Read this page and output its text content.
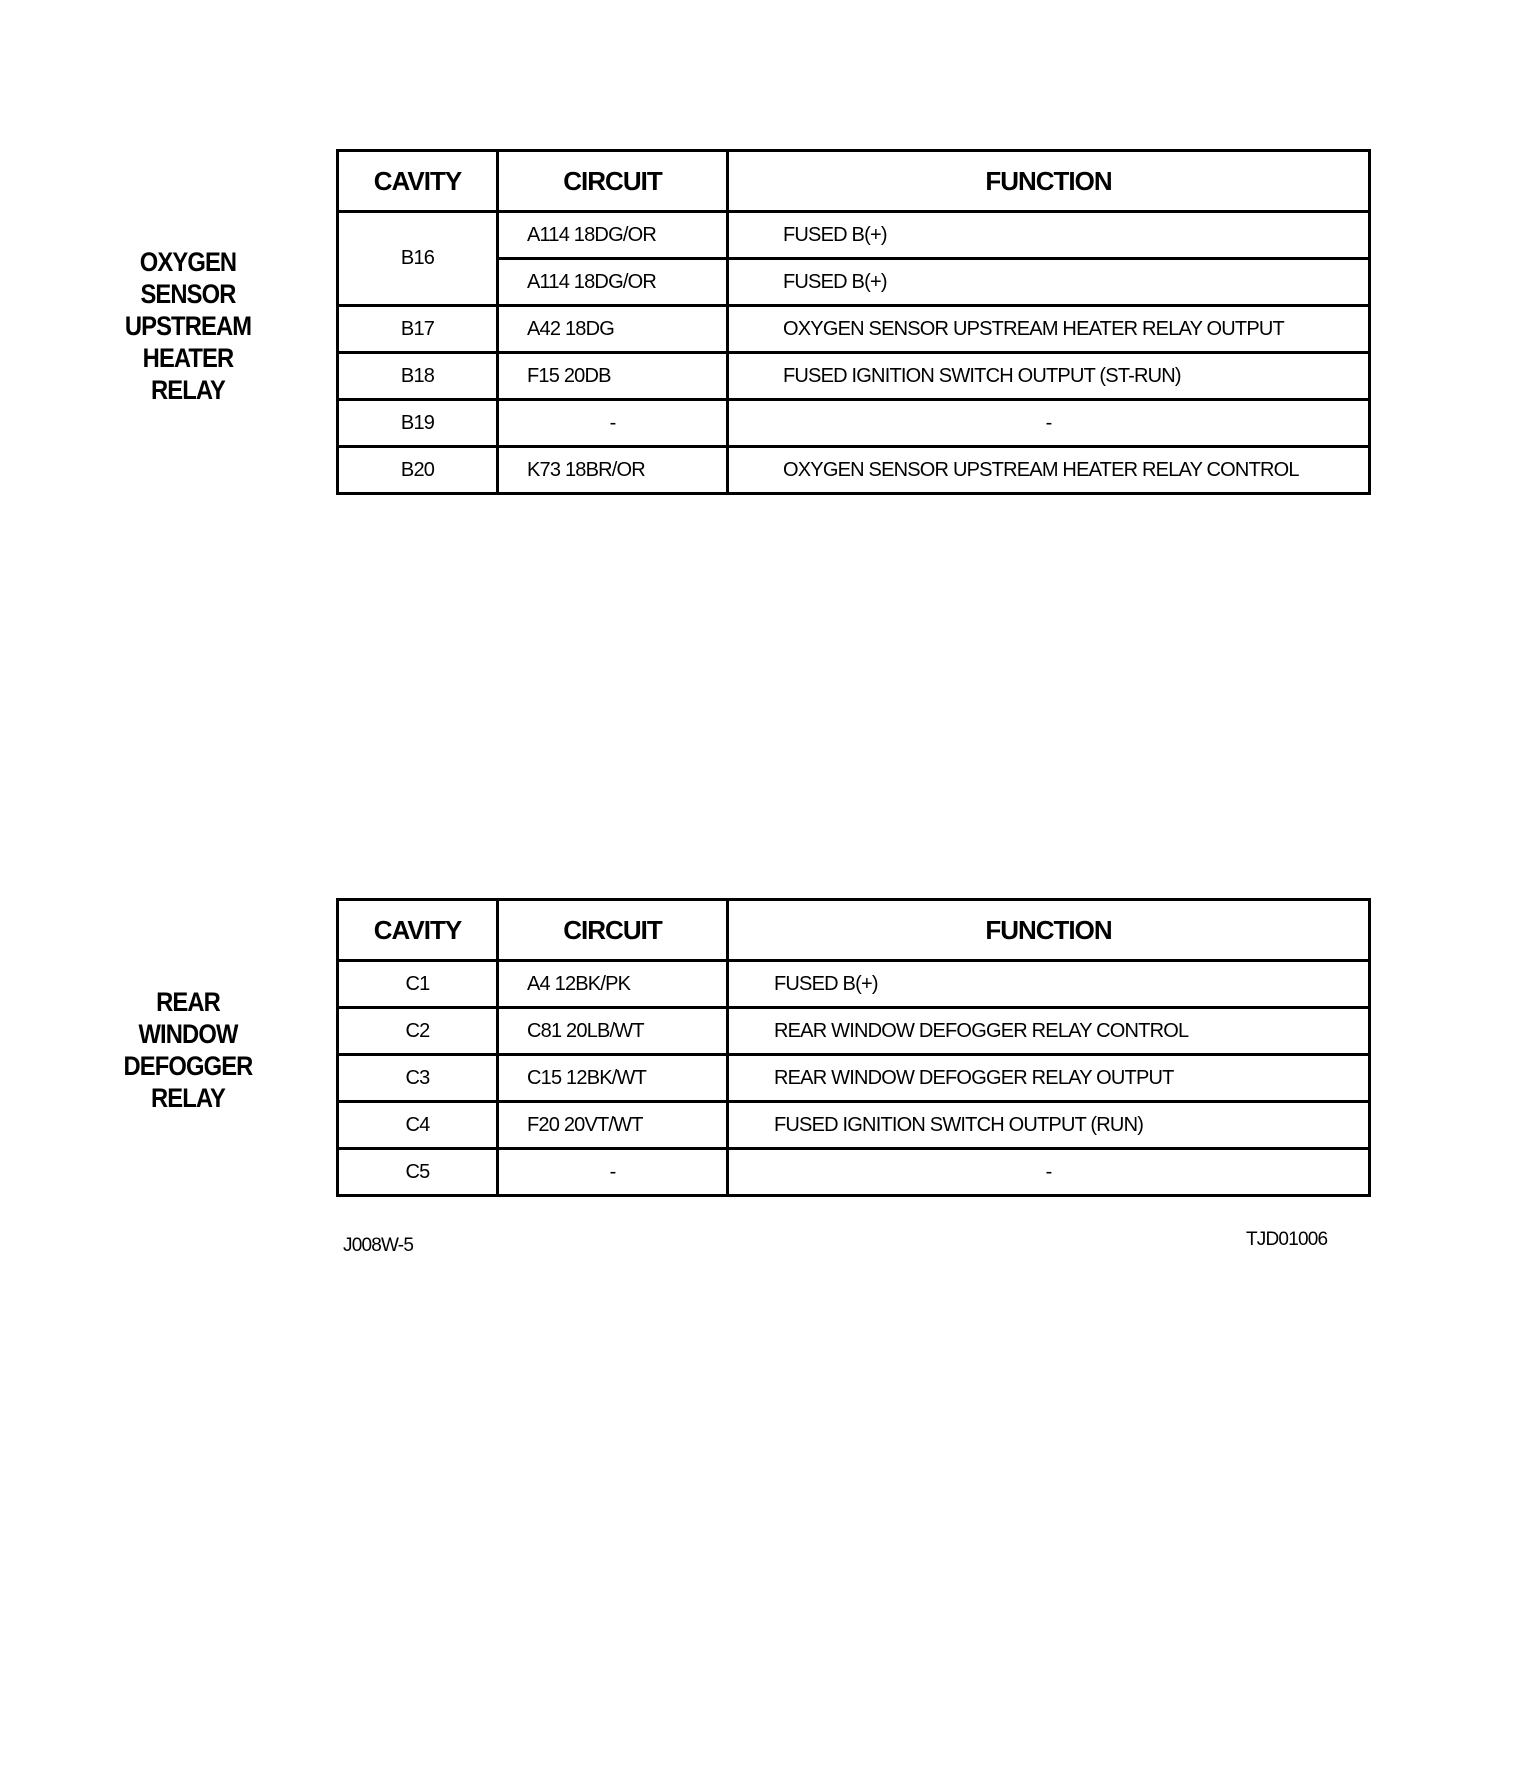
OXYGEN
SENSOR
UPSTREAM
HEATER
RELAY
CAVITY	CIRCUIT	FUNCTION
B16	A114 18DG/OR	FUSED B(+)
	A114 18DG/OR	FUSED B(+)
B17	A42 18DG	OXYGEN SENSOR UPSTREAM HEATER RELAY OUTPUT
B18	F15 20DB	FUSED IGNITION SWITCH OUTPUT (ST-RUN)
B19	-	-
B20	K73 18BR/OR	OXYGEN SENSOR UPSTREAM HEATER RELAY CONTROL
REAR
WINDOW
DEFOGGER
RELAY
CAVITY	CIRCUIT	FUNCTION
C1	A4 12BK/PK	FUSED B(+)
C2	C81 20LB/WT	REAR WINDOW DEFOGGER RELAY CONTROL
C3	C15 12BK/WT	REAR WINDOW DEFOGGER RELAY OUTPUT
C4	F20 20VT/WT	FUSED IGNITION SWITCH OUTPUT (RUN)
C5	-	-
J008W-5	TJD01006
